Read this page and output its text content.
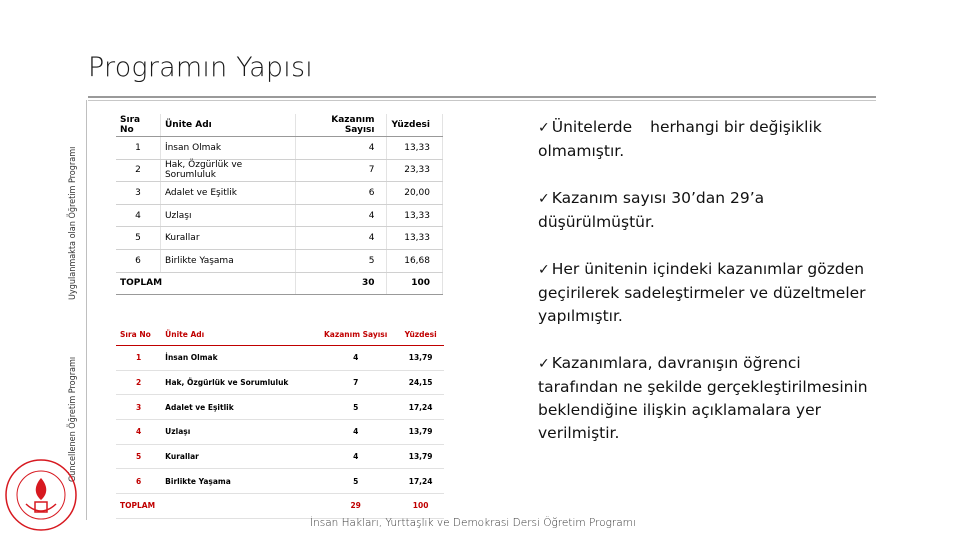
Programın Yapısı
Uygulanmakta olan Öğretim Programı
Güncellenen Öğretim Programı
Sıra No	Ünite Adı	Kazanım Sayısı	Yüzdesi
1	İnsan Olmak	4	13,33
2	Hak, Özgürlük ve Sorumluluk	7	23,33
3	Adalet ve Eşitlik	6	20,00
4	Uzlaşı	4	13,33
5	Kurallar	4	13,33
6	Birlikte Yaşama	5	16,68
TOPLAM		30	100
Sıra No	Ünite Adı	Kazanım Sayısı	Yüzdesi
1	İnsan Olmak	4	13,79
2	Hak, Özgürlük ve Sorumluluk	7	24,15
3	Adalet ve Eşitlik	5	17,24
4	Uzlaşı	4	13,79
5	Kurallar	4	13,79
6	Birlikte Yaşama	5	17,24
TOPLAM		29	100

✓ Ünitelerde herhangi bir değişiklik olmamıştır.

✓ Kazanım sayısı 30’dan 29’a düşürülmüştür.

✓ Her ünitenin içindeki kazanımlar gözden geçirilerek sadeleştirmeler ve düzeltmeler yapılmıştır.

✓ Kazanımlara, davranışın öğrenci tarafından ne şekilde gerçekleştirilmesinin beklendiğine ilişkin açıklamalara yer verilmiştir.

İnsan Hakları, Yurttaşlık ve Demokrasi Dersi Öğretim Programı
